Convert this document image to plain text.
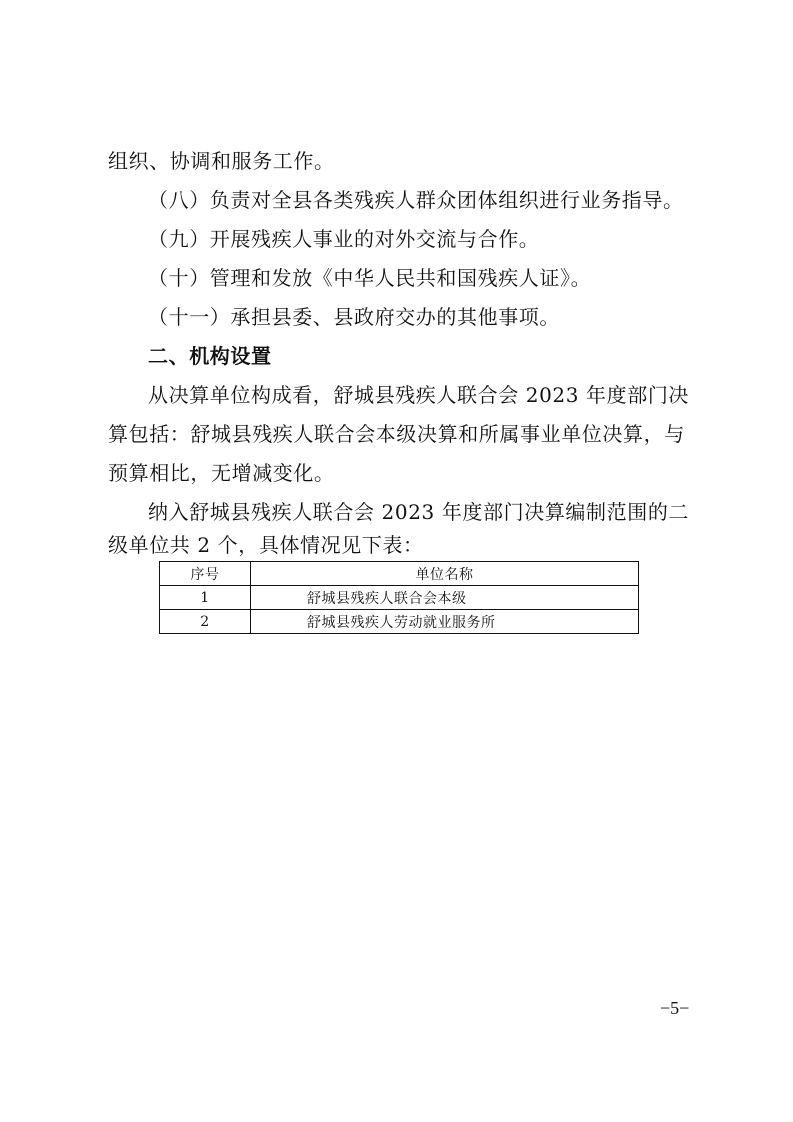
组织、协调和服务工作。
（八）负责对全县各类残疾人群众团体组织进行业务指导。
（九）开展残疾人事业的对外交流与合作。
（十）管理和发放《中华人民共和国残疾人证》。
（十一）承担县委、县政府交办的其他事项。
二、机构设置
从决算单位构成看，舒城县残疾人联合会 2023 年度部门决
算包括：舒城县残疾人联合会本级决算和所属事业单位决算，与
预算相比，无增减变化。
纳入舒城县残疾人联合会 2023 年度部门决算编制范围的二
级单位共 2 个，具体情况见下表：
序号	单位名称
1	舒城县残疾人联合会本级
2	舒城县残疾人劳动就业服务所
−5−
